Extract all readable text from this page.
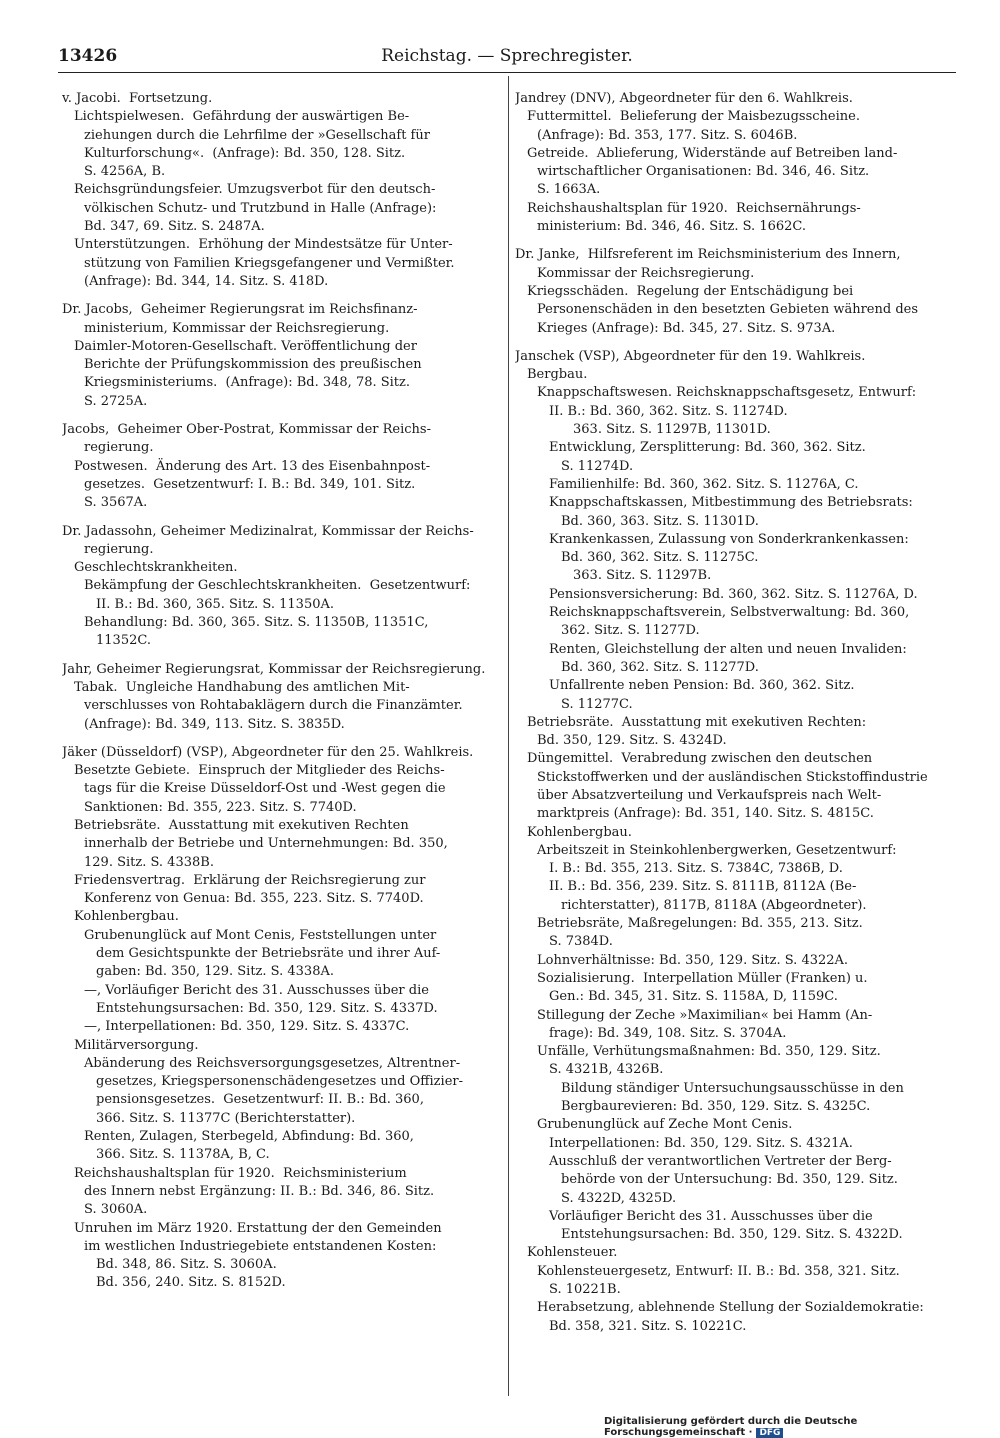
13426	Reichstag. — Sprechregister.
v. Jacobi.  Fortsetzung.
Lichtspielwesen.  Gefährdung der auswärtigen Be-
ziehungen durch die Lehrfilme der »Gesellschaft für
Kulturforschung«.  (Anfrage): Bd. 350, 128. Sitz.
S. 4256A, B.
Reichsgründungsfeier. Umzugsverbot für den deutsch-
völkischen Schutz- und Trutzbund in Halle (Anfrage):
Bd. 347, 69. Sitz. S. 2487A.
Unterstützungen.  Erhöhung der Mindestsätze für Unter-
stützung von Familien Kriegsgefangener und Vermißter.
(Anfrage): Bd. 344, 14. Sitz. S. 418D.
Dr. Jacobs,  Geheimer Regierungsrat im Reichsfinanz-
ministerium, Kommissar der Reichsregierung.
Daimler-Motoren-Gesellschaft. Veröffentlichung der
Berichte der Prüfungskommission des preußischen
Kriegsministeriums.  (Anfrage): Bd. 348, 78. Sitz.
S. 2725A.
Jacobs,  Geheimer Ober-Postrat, Kommissar der Reichs-
regierung.
Postwesen.  Änderung des Art. 13 des Eisenbahnpost-
gesetzes.  Gesetzentwurf: I. B.: Bd. 349, 101. Sitz.
S. 3567A.
Dr. Jadassohn, Geheimer Medizinalrat, Kommissar der Reichs-
regierung.
Geschlechtskrankheiten.
Bekämpfung der Geschlechtskrankheiten.  Gesetzentwurf:
II. B.: Bd. 360, 365. Sitz. S. 11350A.
Behandlung: Bd. 360, 365. Sitz. S. 11350B, 11351C,
11352C.
Jahr, Geheimer Regierungsrat, Kommissar der Reichsregierung.
Tabak.  Ungleiche Handhabung des amtlichen Mit-
verschlusses von Rohtabaklägern durch die Finanzämter.
(Anfrage): Bd. 349, 113. Sitz. S. 3835D.
Jäker (Düsseldorf) (VSP), Abgeordneter für den 25. Wahlkreis.
Besetzte Gebiete.  Einspruch der Mitglieder des Reichs-
tags für die Kreise Düsseldorf-Ost und -West gegen die
Sanktionen: Bd. 355, 223. Sitz. S. 7740D.
Betriebsräte.  Ausstattung mit exekutiven Rechten
innerhalb der Betriebe und Unternehmungen: Bd. 350,
129. Sitz. S. 4338B.
Friedensvertrag.  Erklärung der Reichsregierung zur
Konferenz von Genua: Bd. 355, 223. Sitz. S. 7740D.
Kohlenbergbau.
Grubenunglück auf Mont Cenis, Feststellungen unter
dem Gesichtspunkte der Betriebsräte und ihrer Auf-
gaben: Bd. 350, 129. Sitz. S. 4338A.
—, Vorläufiger Bericht des 31. Ausschusses über die
Entstehungsursachen: Bd. 350, 129. Sitz. S. 4337D.
—, Interpellationen: Bd. 350, 129. Sitz. S. 4337C.
Militärversorgung.
Abänderung des Reichsversorgungsgesetzes, Altrentner-
gesetzes, Kriegspersonenschädengesetzes und Offizier-
pensionsgesetzes.  Gesetzentwurf: II. B.: Bd. 360,
366. Sitz. S. 11377C (Berichterstatter).
Renten, Zulagen, Sterbegeld, Abfindung: Bd. 360,
366. Sitz. S. 11378A, B, C.
Reichshaushaltsplan für 1920.  Reichsministerium
des Innern nebst Ergänzung: II. B.: Bd. 346, 86. Sitz.
S. 3060A.
Unruhen im März 1920. Erstattung der den Gemeinden
im westlichen Industriegebiete entstandenen Kosten:
Bd. 348, 86. Sitz. S. 3060A.
Bd. 356, 240. Sitz. S. 8152D.
Jandrey (DNV), Abgeordneter für den 6. Wahlkreis.
Futtermittel.  Belieferung der Maisbezugsscheine.
(Anfrage): Bd. 353, 177. Sitz. S. 6046B.
Getreide.  Ablieferung, Widerstände auf Betreiben land-
wirtschaftlicher Organisationen: Bd. 346, 46. Sitz.
S. 1663A.
Reichshaushaltsplan für 1920.  Reichsernährungs-
ministerium: Bd. 346, 46. Sitz. S. 1662C.
Dr. Janke,  Hilfsreferent im Reichsministerium des Innern,
Kommissar der Reichsregierung.
Kriegsschäden.  Regelung der Entschädigung bei
Personenschäden in den besetzten Gebieten während des
Krieges (Anfrage): Bd. 345, 27. Sitz. S. 973A.
Janschek (VSP), Abgeordneter für den 19. Wahlkreis.
Bergbau.
Knappschaftswesen. Reichsknappschaftsgesetz, Entwurf:
II. B.: Bd. 360, 362. Sitz. S. 11274D.
363. Sitz. S. 11297B, 11301D.
Entwicklung, Zersplitterung: Bd. 360, 362. Sitz.
S. 11274D.
Familienhilfe: Bd. 360, 362. Sitz. S. 11276A, C.
Knappschaftskassen, Mitbestimmung des Betriebsrats:
Bd. 360, 363. Sitz. S. 11301D.
Krankenkassen, Zulassung von Sonderkrankenkassen:
Bd. 360, 362. Sitz. S. 11275C.
363. Sitz. S. 11297B.
Pensionsversicherung: Bd. 360, 362. Sitz. S. 11276A, D.
Reichsknappschaftsverein, Selbstverwaltung: Bd. 360,
362. Sitz. S. 11277D.
Renten, Gleichstellung der alten und neuen Invaliden:
Bd. 360, 362. Sitz. S. 11277D.
Unfallrente neben Pension: Bd. 360, 362. Sitz.
S. 11277C.
Betriebsräte.  Ausstattung mit exekutiven Rechten:
Bd. 350, 129. Sitz. S. 4324D.
Düngemittel.  Verabredung zwischen den deutschen
Stickstoffwerken und der ausländischen Stickstoffindustrie
über Absatzverteilung und Verkaufspreis nach Welt-
marktpreis (Anfrage): Bd. 351, 140. Sitz. S. 4815C.
Kohlenbergbau.
Arbeitszeit in Steinkohlenbergwerken, Gesetzentwurf:
I. B.: Bd. 355, 213. Sitz. S. 7384C, 7386B, D.
II. B.: Bd. 356, 239. Sitz. S. 8111B, 8112A (Be-
richterstatter), 8117B, 8118A (Abgeordneter).
Betriebsräte, Maßregelungen: Bd. 355, 213. Sitz.
S. 7384D.
Lohnverhältnisse: Bd. 350, 129. Sitz. S. 4322A.
Sozialisierung.  Interpellation Müller (Franken) u.
Gen.: Bd. 345, 31. Sitz. S. 1158A, D, 1159C.
Stillegung der Zeche »Maximilian« bei Hamm (An-
frage): Bd. 349, 108. Sitz. S. 3704A.
Unfälle, Verhütungsmaßnahmen: Bd. 350, 129. Sitz.
S. 4321B, 4326B.
Bildung ständiger Untersuchungsausschüsse in den
Bergbaurevieren: Bd. 350, 129. Sitz. S. 4325C.
Grubenunglück auf Zeche Mont Cenis.
Interpellationen: Bd. 350, 129. Sitz. S. 4321A.
Ausschluß der verantwortlichen Vertreter der Berg-
behörde von der Untersuchung: Bd. 350, 129. Sitz.
S. 4322D, 4325D.
Vorläufiger Bericht des 31. Ausschusses über die
Entstehungsursachen: Bd. 350, 129. Sitz. S. 4322D.
Kohlensteuer.
Kohlensteuergesetz, Entwurf: II. B.: Bd. 358, 321. Sitz.
S. 10221B.
Herabsetzung, ablehnende Stellung der Sozialdemokratie:
Bd. 358, 321. Sitz. S. 10221C.
Digitalisierung gefördert durch die Deutsche Forschungsgemeinschaft · DFG
